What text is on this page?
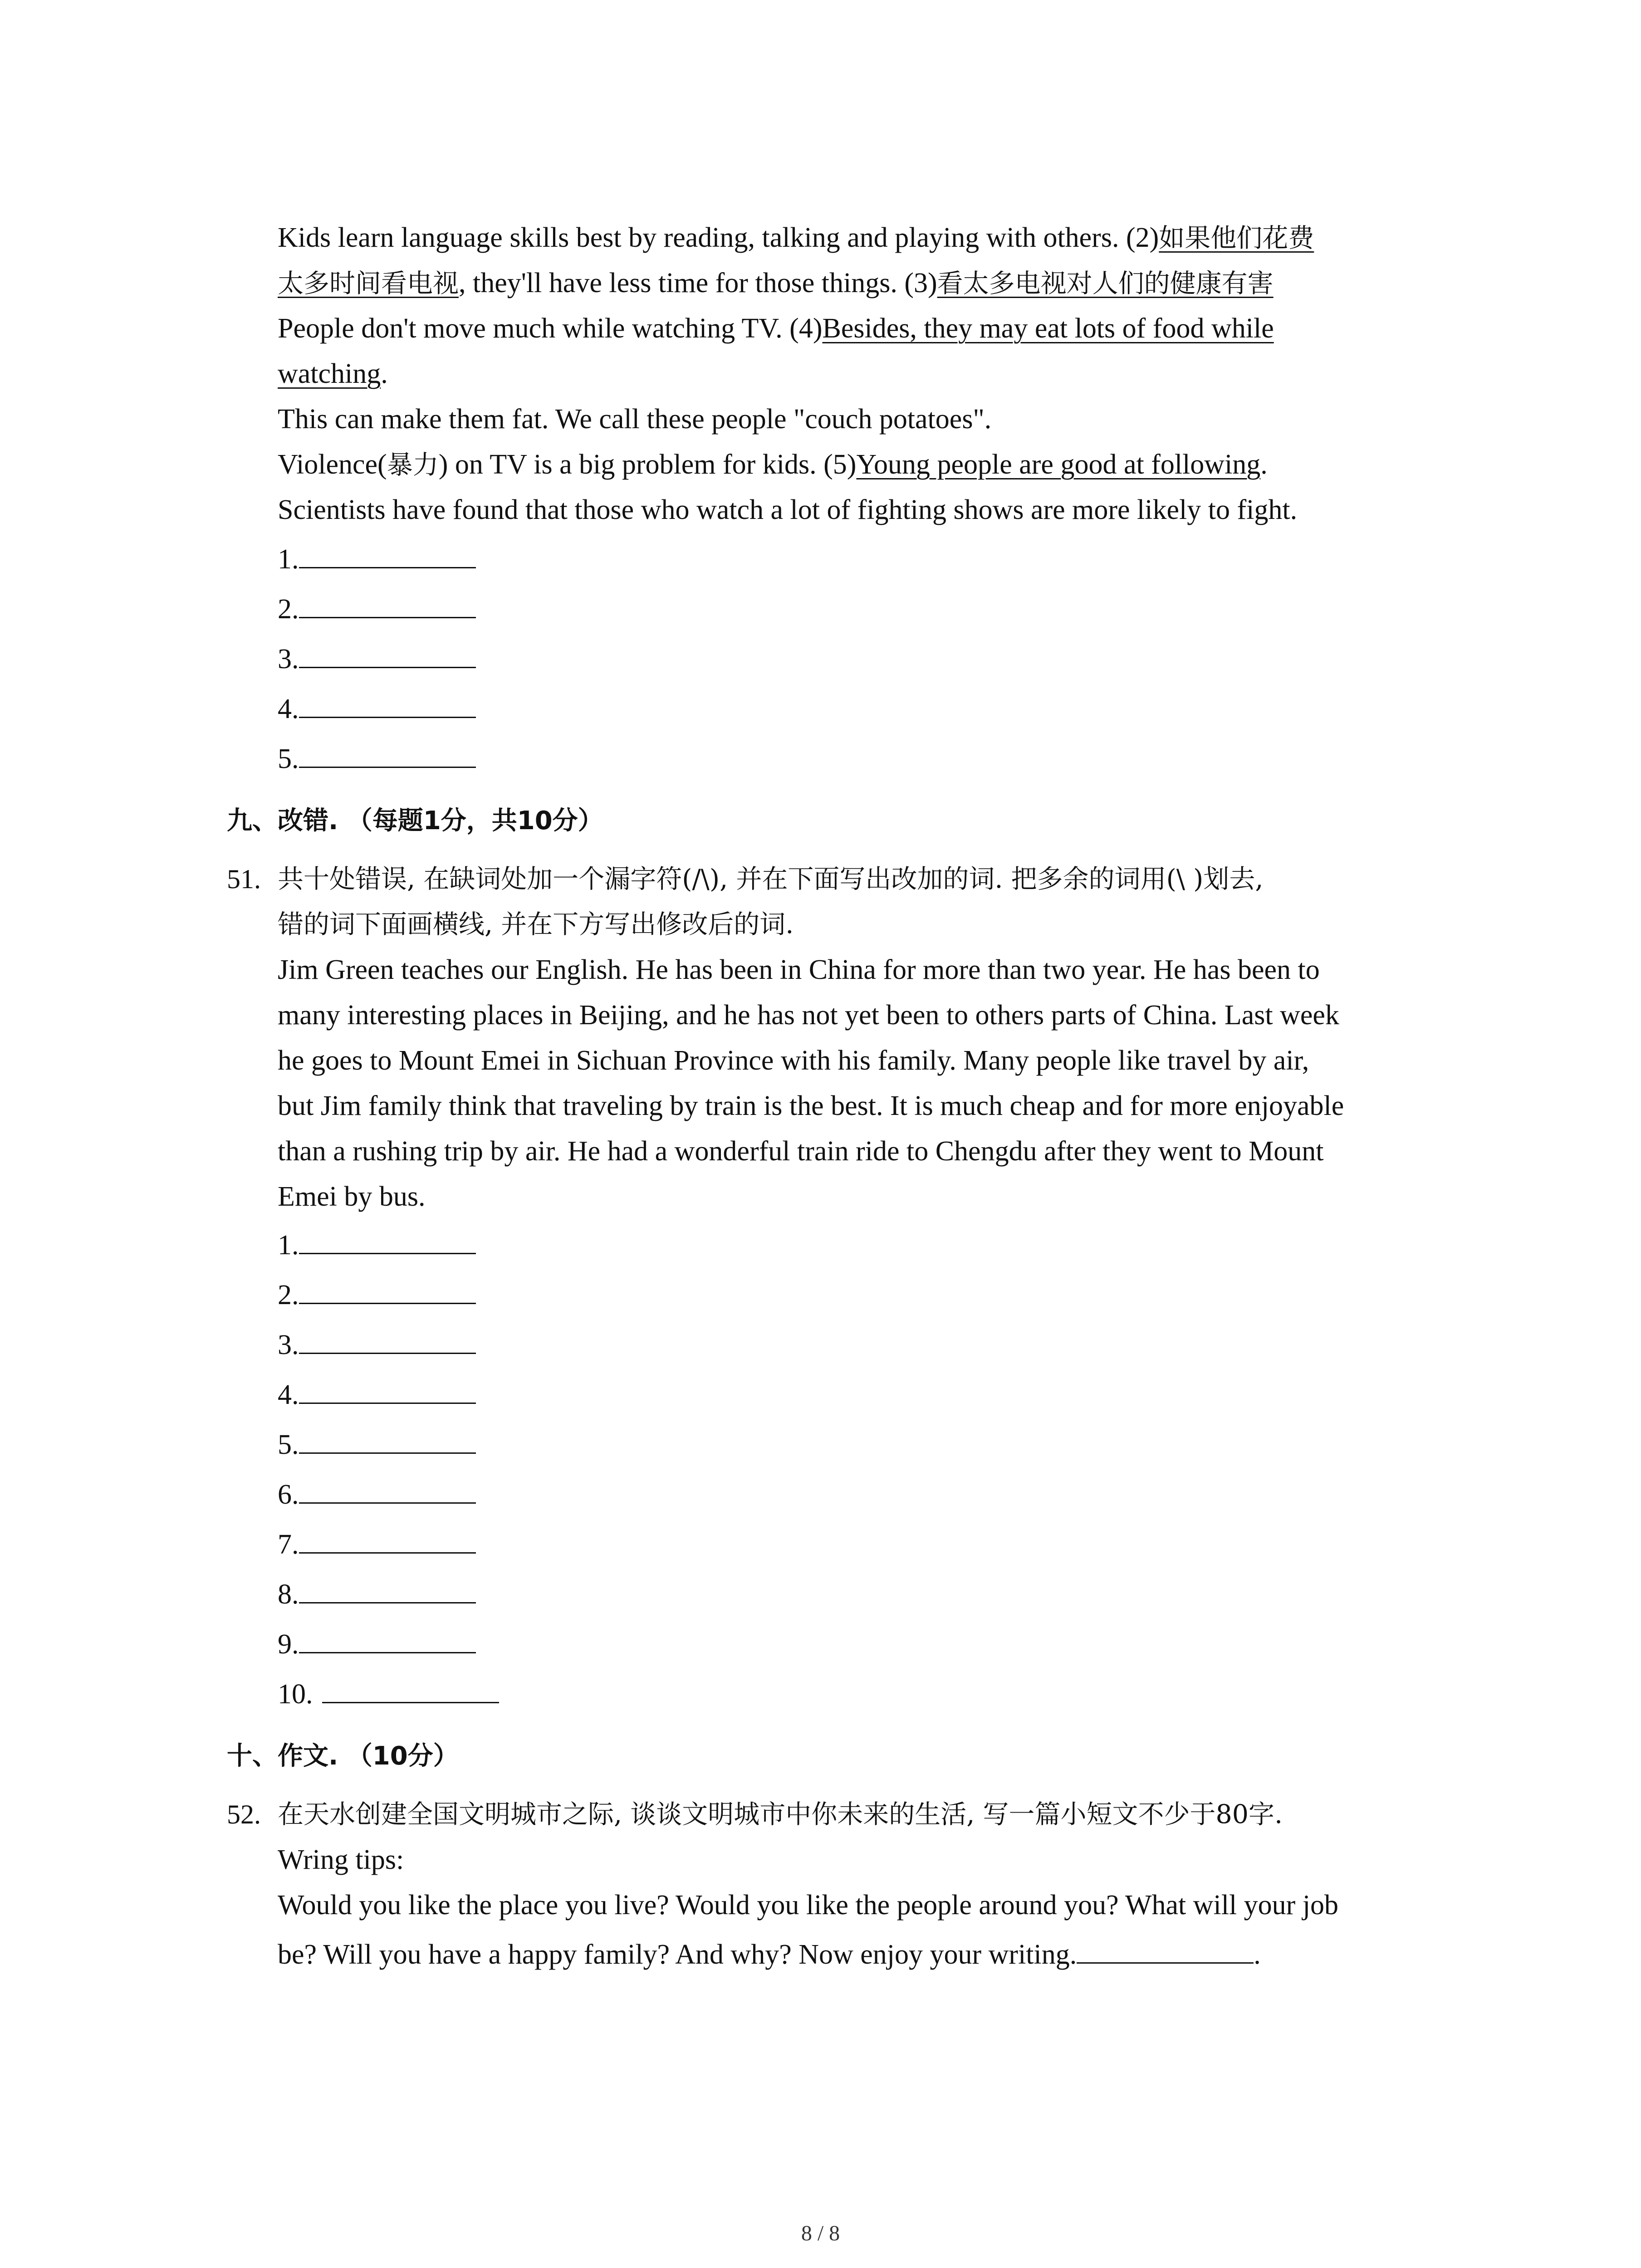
Kids learn language skills best by reading, talking and playing with others. (2)如果他们花费
太多时间看电视, they'll have less time for those things. (3)看太多电视对人们的健康有害
People don't move much while watching TV. (4)Besides, they may eat lots of food while
watching.
This can make them fat. We call these people "couch potatoes".
Violence(暴力) on TV is a big problem for kids. (5)Young people are good at following.
Scientists have found that those who watch a lot of fighting shows are more likely to fight.
1.
2.
3.
4.
5.
九、改错. （每题1分，共10分）
51. 共十处错误, 在缺词处加一个漏字符(/\), 并在下面写出改加的词. 把多余的词用(\ )划去,
错的词下面画横线, 并在下方写出修改后的词.
Jim Green teaches our English. He has been in China for more than two year. He has been to
many interesting places in Beijing, and he has not yet been to others parts of China. Last week
he goes to Mount Emei in Sichuan Province with his family. Many people like travel by air,
but Jim family think that traveling by train is the best. It is much cheap and for more enjoyable
than a rushing trip by air. He had a wonderful train ride to Chengdu after they went to Mount
Emei by bus.
1.
2.
3.
4.
5.
6.
7.
8.
9.
10.
十、作文. （10分）
52. 在天水创建全国文明城市之际, 谈谈文明城市中你未来的生活, 写一篇小短文不少于80字.
Wring tips:
Would you like the place you live? Would you like the people around you? What will your job
be? Will you have a happy family? And why? Now enjoy your writing.	.
8 / 8
